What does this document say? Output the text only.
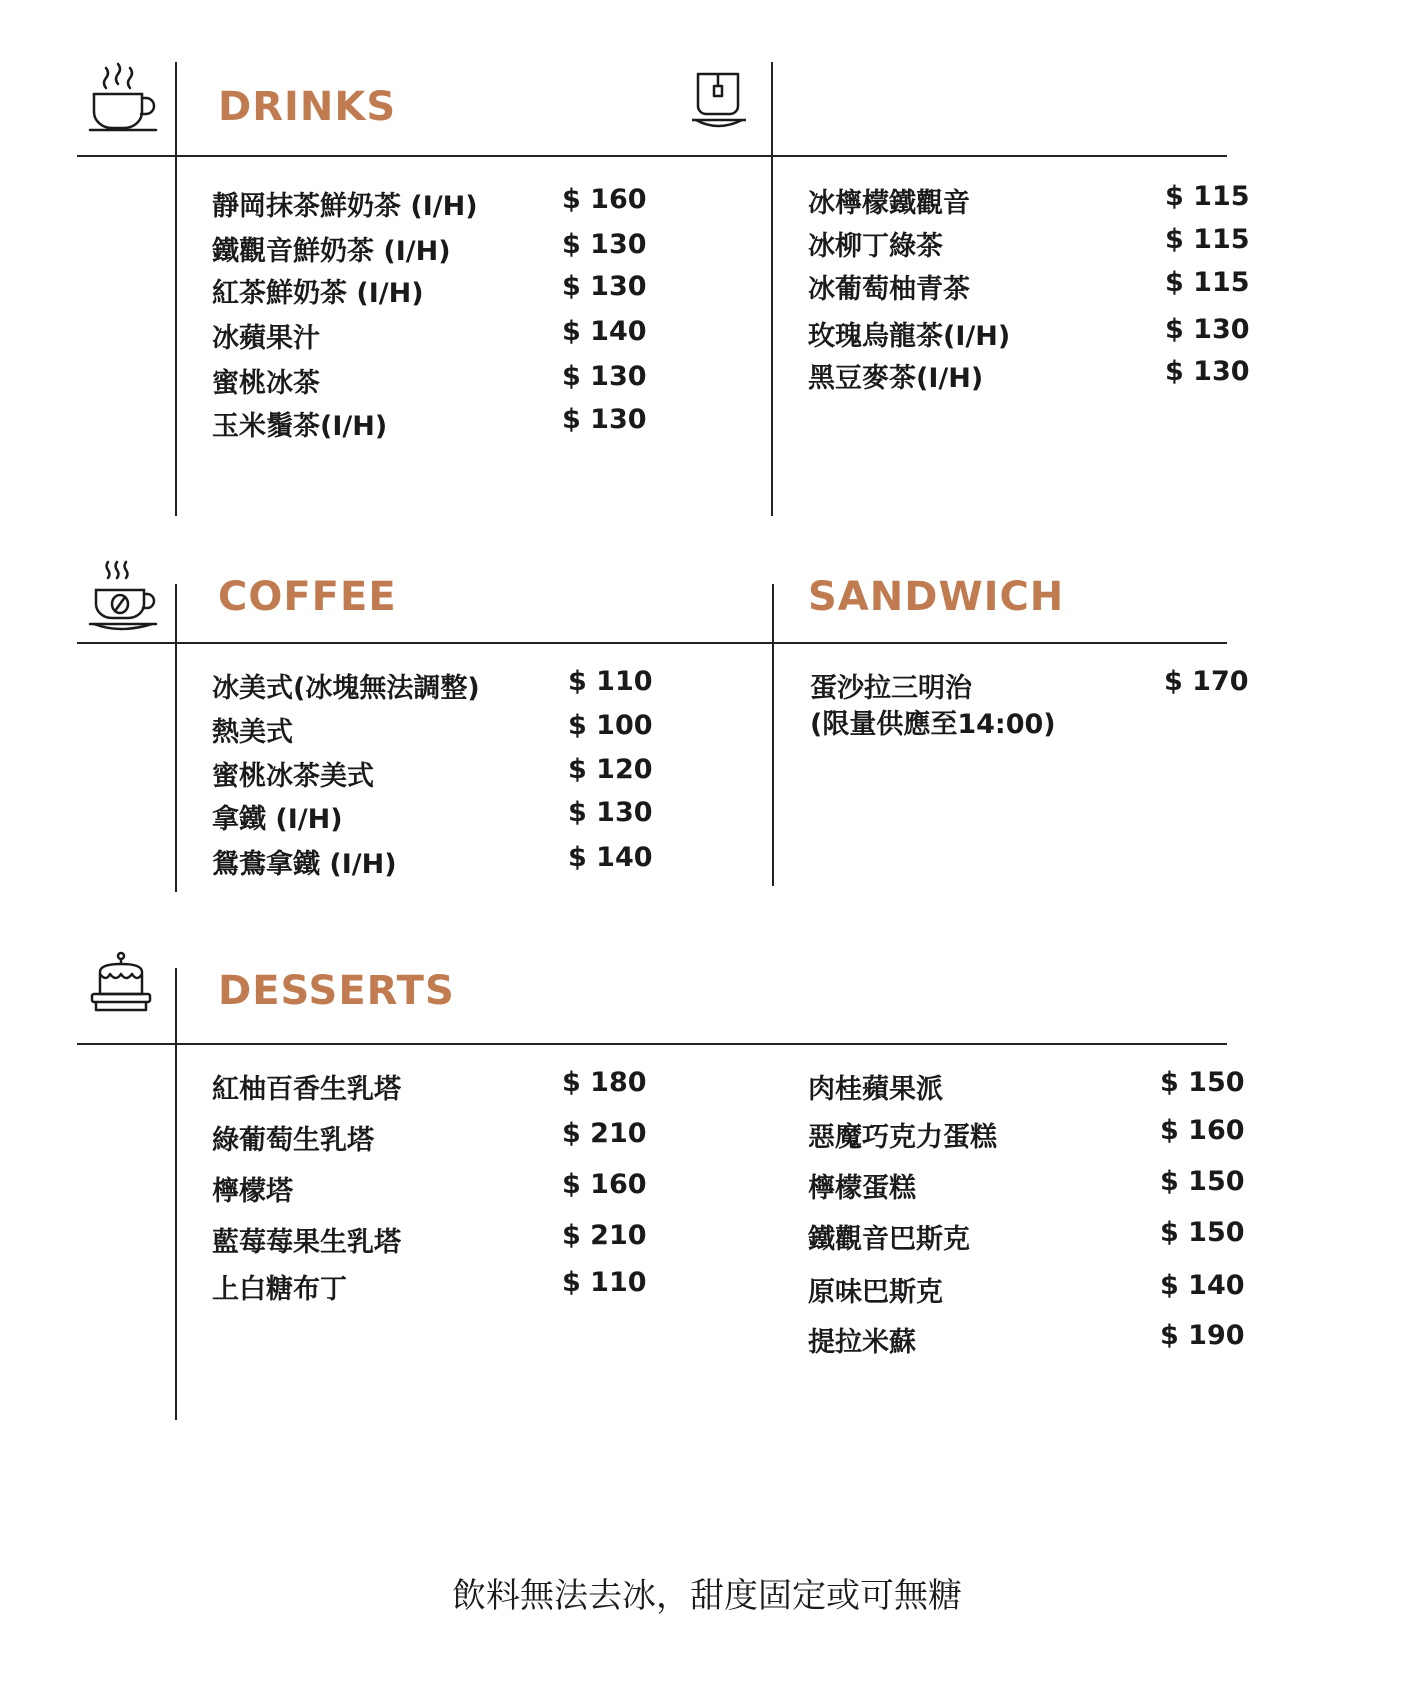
DRINKS
靜岡抹茶鮮奶茶 (I/H)	$ 160
鐵觀音鮮奶茶 (I/H)	$ 130
紅茶鮮奶茶 (I/H)	$ 130
冰蘋果汁	$ 140
蜜桃冰茶	$ 130
玉米鬚茶(I/H)	$ 130
冰檸檬鐵觀音	$ 115
冰柳丁綠茶	$ 115
冰葡萄柚青茶	$ 115
玫瑰烏龍茶(I/H)	$ 130
黑豆麥茶(I/H)	$ 130
COFFEE	SANDWICH
冰美式(冰塊無法調整)	$ 110
熱美式	$ 100
蜜桃冰茶美式	$ 120
拿鐵 (I/H)	$ 130
鴛鴦拿鐵 (I/H)	$ 140
蛋沙拉三明治
(限量供應至14:00)
$ 170
DESSERTS
紅柚百香生乳塔	$ 180
綠葡萄生乳塔	$ 210
檸檬塔	$ 160
藍莓莓果生乳塔	$ 210
上白糖布丁	$ 110
肉桂蘋果派	$ 150
惡魔巧克力蛋糕	$ 160
檸檬蛋糕	$ 150
鐵觀音巴斯克	$ 150
原味巴斯克	$ 140
提拉米蘇	$ 190
飲料無法去冰，甜度固定或可無糖
